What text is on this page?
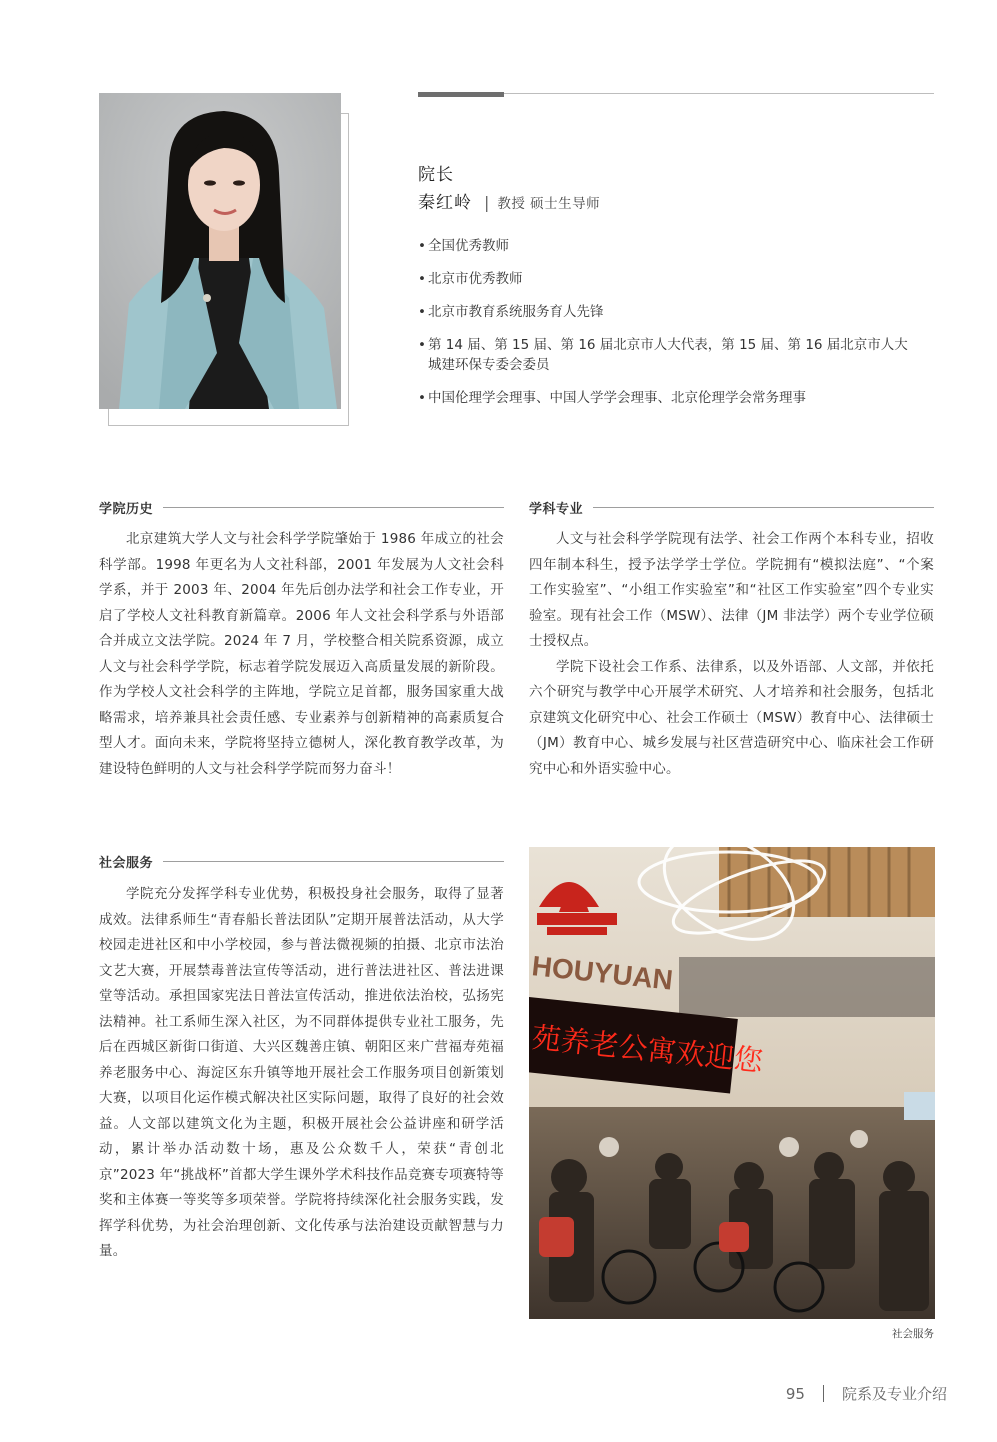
院长
秦红岭 | 教授 硕士生导师
• 全国优秀教师
• 北京市优秀教师
• 北京市教育系统服务育人先锋
• 第 14 届、第 15 届、第 16 届北京市人大代表，第 15 届、第 16 届北京市人大城建环保专委会委员
• 中国伦理学会理事、中国人学学会理事、北京伦理学会常务理事
学院历史

北京建筑大学人文与社会科学学院肇始于 1986 年成立的社会科学部。1998 年更名为人文社科部，2001 年发展为人文社会科学系，并于 2003 年、2004 年先后创办法学和社会工作专业，开启了学校人文社科教育新篇章。2006 年人文社会科学系与外语部合并成立文法学院。2024 年 7 月，学校整合相关院系资源，成立人文与社会科学学院，标志着学院发展迈入高质量发展的新阶段。作为学校人文社会科学的主阵地，学院立足首都，服务国家重大战略需求，培养兼具社会责任感、专业素养与创新精神的高素质复合型人才。面向未来，学院将坚持立德树人，深化教育教学改革，为建设特色鲜明的人文与社会科学学院而努力奋斗！

学科专业

人文与社会科学学院现有法学、社会工作两个本科专业，招收四年制本科生，授予法学学士学位。学院拥有“模拟法庭”、“个案工作实验室”、“小组工作实验室”和“社区工作实验室”四个专业实验室。现有社会工作（MSW）、法律（JM 非法学）两个专业学位硕士授权点。

学院下设社会工作系、法律系，以及外语部、人文部，并依托六个研究与教学中心开展学术研究、人才培养和社会服务，包括北京建筑文化研究中心、社会工作硕士（MSW）教育中心、法律硕士（JM）教育中心、城乡发展与社区营造研究中心、临床社会工作研究中心和外语实验中心。

社会服务

学院充分发挥学科专业优势，积极投身社会服务，取得了显著成效。法律系师生“青春船长普法团队”定期开展普法活动，从大学校园走进社区和中小学校园，参与普法微视频的拍摄、北京市法治文艺大赛，开展禁毒普法宣传等活动，进行普法进社区、普法进课堂等活动。承担国家宪法日普法宣传活动，推进依法治校，弘扬宪法精神。社工系师生深入社区，为不同群体提供专业社工服务，先后在西城区新街口街道、大兴区魏善庄镇、朝阳区来广营福寿苑福养老服务中心、海淀区东升镇等地开展社会工作服务项目创新策划大赛，以项目化运作模式解决社区实际问题，取得了良好的社会效益。人文部以建筑文化为主题，积极开展社会公益讲座和研学活动，累计举办活动数十场，惠及公众数千人，荣获“青创北京”2023 年“挑战杯”首都大学生课外学术科技作品竞赛专项赛特等奖和主体赛一等奖等多项荣誉。学院将持续深化社会服务实践，发挥学科优势，为社会治理创新、文化传承与法治建设贡献智慧与力量。

HOUYUAN
苑养老公寓欢迎您
社会服务
95 院系及专业介绍
